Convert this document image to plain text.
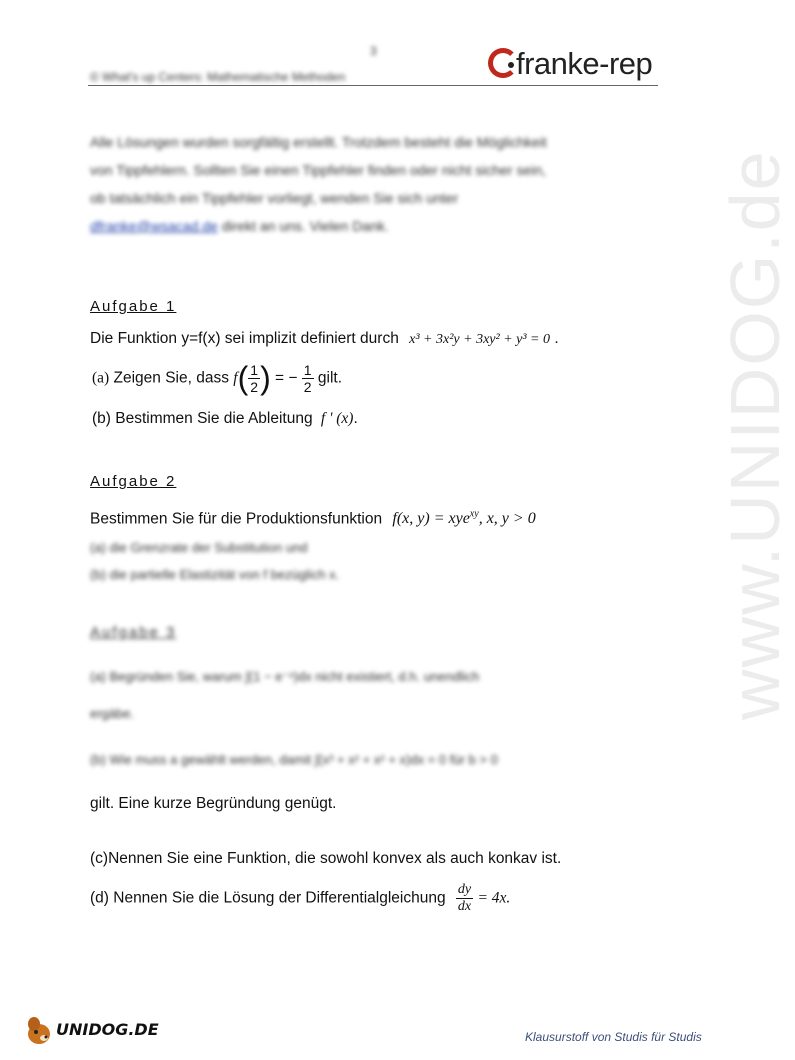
3
© What's up Centers: Mathematische Methoden	franke-rep
Alle Lösungen wurden sorgfältig erstellt. Trotzdem besteht die Möglichkeit
von Tippfehlern. Sollten Sie einen Tippfehler finden oder nicht sicher sein,
ob tatsächlich ein Tippfehler vorliegt, wenden Sie sich unter
dfranke@wsacad.de direkt an uns. Vielen Dank.	www.UNIDOG.de
Aufgabe 1
Die Funktion y=f(x) sei implizit definiert durch x³ + 3x²y + 3xy² + y³ = 0 .
(a) Zeigen Sie, dass $f( \frac{1}{2}$ ) = − $\frac{1}{2}$ gilt.
(b) Bestimmen Sie die Ableitung f ' (x).
Aufgabe 2
Bestimmen Sie für die Produktionsfunktion f(x, y) = xye$^{xy}$, x, y > 0
(a) die Grenzrate der Substitution und
(b) die partielle Elastizität von f bezüglich x.
Aufgabe 3
(a) Begründen Sie, warum ∫(1 − e⁻ˣ)dx nicht existiert, d.h. unendlich
ergäbe.
(b) Wie muss a gewählt werden, damit ∫(x³ + x² + x² + x)dx = 0 für b > 0
gilt. Eine kurze Begründung genügt.
(c)Nennen Sie eine Funktion, die sowohl konvex als auch konkav ist.
(d) Nennen Sie die Lösung der Differentialgleichung $\frac{dy}{dx} = 4x$.
UNIDOG.DE	Klausurstoff von Studis für Studis
